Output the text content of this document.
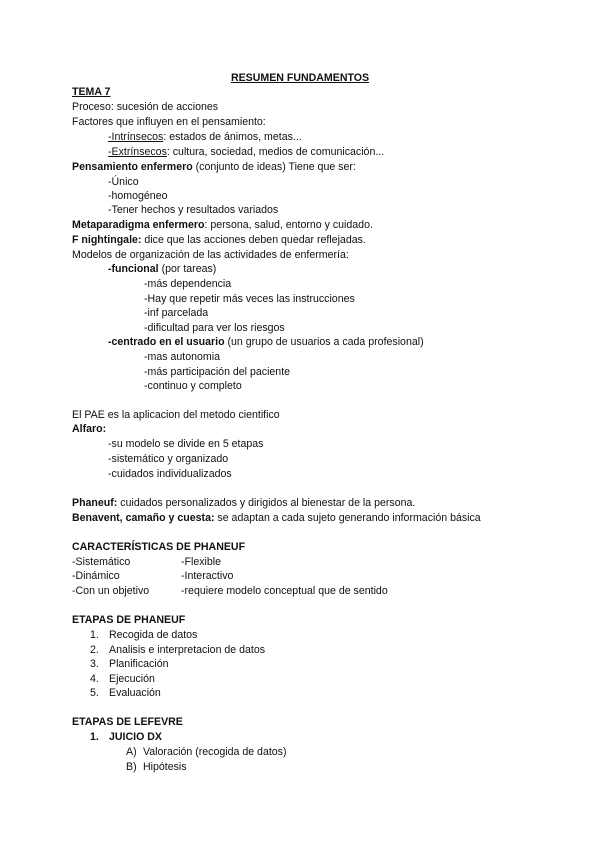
RESUMEN FUNDAMENTOS
TEMA 7
Proceso: sucesión de acciones
Factores que influyen en el pensamiento:
-Intrínsecos: estados de ánimos, metas...
-Extrínsecos: cultura, sociedad, medios de comunicación...
Pensamiento enfermero (conjunto de ideas) Tiene que ser:
-Único
-homogéneo
-Tener hechos y resultados variados
Metaparadigma enfermero: persona, salud, entorno y cuidado.
F nightingale: dice que las acciones deben quedar reflejadas.
Modelos de organización de las actividades de enfermería:
-funcional (por tareas)
-más dependencia
-Hay que repetir más veces las instrucciones
-inf parcelada
-dificultad para ver los riesgos
-centrado en el usuario (un grupo de usuarios a cada profesional)
-mas autonomia
-más participación del paciente
-continuo y completo
El PAE es la aplicacion del metodo cientifico
Alfaro:
-su modelo se divide en 5 etapas
-sistemático y organizado
-cuidados individualizados
Phaneuf: cuidados personalizados y dirigidos al bienestar de la persona.
Benavent, camaño y cuesta: se adaptan a cada sujeto generando información básica
CARACTERÍSTICAS DE PHANEUF
-Sistemático	-Flexible
-Dinámico	-Interactivo
-Con un objetivo	-requiere modelo conceptual que de sentido
ETAPAS DE PHANEUF
1. Recogida de datos
2. Analisis e interpretacion de datos
3. Planificación
4. Ejecución
5. Evaluación
ETAPAS DE LEFEVRE
1. JUICIO DX
A) Valoración (recogida de datos)
B) Hipótesis
